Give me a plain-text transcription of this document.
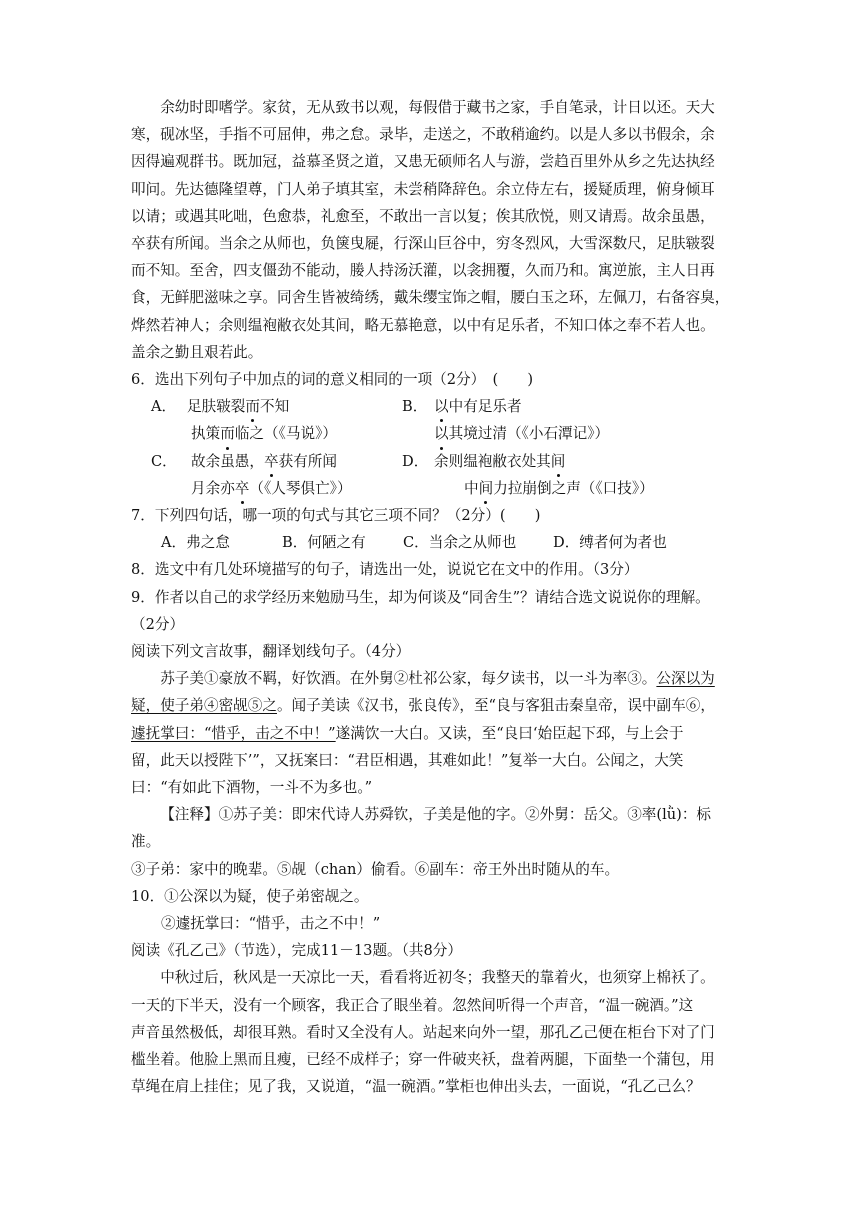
余幼时即嗜学。家贫，无从致书以观，每假借于藏书之家，手自笔录，计日以还。天大

寒，砚冰坚，手指不可屈伸，弗之怠。录毕，走送之，不敢稍逾约。以是人多以书假余，余

因得遍观群书。既加冠，益慕圣贤之道，又患无硕师名人与游，尝趋百里外从乡之先达执经

叩问。先达德隆望尊，门人弟子填其室，未尝稍降辞色。余立侍左右，援疑质理，俯身倾耳

以请；或遇其叱咄，色愈恭，礼愈至，不敢出一言以复；俟其欣悦，则又请焉。故余虽愚，

卒获有所闻。当余之从师也，负箧曳屣，行深山巨谷中，穷冬烈风，大雪深数尺，足肤皲裂

而不知。至舍，四支僵劲不能动，媵人持汤沃灌，以衾拥覆，久而乃和。寓逆旅，主人日再

食，无鲜肥滋味之享。同舍生皆被绮绣，戴朱缨宝饰之帽，腰白玉之环，左佩刀，右备容臭，

烨然若神人；余则缊袍敝衣处其间，略无慕艳意，以中有足乐者，不知口体之奉不若人也。

盖余之勤且艰若此。

6．选出下列句子中加点的词的意义相同的一项（2分）　(　　)

A． 足肤皲裂而不知	B． 以中有足乐者
执策而临之（《马说》）	以其境过清（《小石潭记》）
C． 故余虽愚，卒获有所闻	D． 余则缊袍敝衣处其间
月余亦卒（《人琴俱亡》）	中间力拉崩倒之声（《口技》）

7．下列四句话，哪一项的句式与其它三项不同？（2分）(　　)

A．弗之怠	B．何陋之有	C．当余之从师也	D．缚者何为者也

8．选文中有几处环境描写的句子，请选出一处，说说它在文中的作用。（3分）

9．作者以自己的求学经历来勉励马生，却为何谈及“同舍生”？请结合选文说说你的理解。

（2分）

阅读下列文言故事，翻译划线句子。（4分）

苏子美①豪放不羁，好饮酒。在外舅②杜祁公家，每夕读书，以一斗为率③。公深以为

疑，使子弟④密觇⑤之。闻子美读《汉书，张良传》，至“良与客狙击秦皇帝，误中副车⑥，

遽抚掌曰：“惜乎，击之不中！”遂满饮一大白。又读，至“良曰‘始臣起下邳，与上会于

留，此天以授陛下’”，又抚案曰：“君臣相遇，其难如此！”复举一大白。公闻之，大笑

曰：“有如此下酒物，一斗不为多也。”

【注释】①苏子美：即宋代诗人苏舜钦，子美是他的字。②外舅：岳父。③率(lǜ)：标

准。

③子弟：家中的晚辈。⑤觇（chan）偷看。⑥副车：帝王外出时随从的车。

10．①公深以为疑，使子弟密觇之。

②遽抚掌曰：“惜乎，击之不中！”

阅读《孔乙己》（节选），完成11－13题。（共8分）

中秋过后，秋风是一天凉比一天，看看将近初冬；我整天的靠着火，也须穿上棉袄了。

一天的下半天，没有一个顾客，我正合了眼坐着。忽然间听得一个声音，“温一碗酒。”这

声音虽然极低，却很耳熟。看时又全没有人。站起来向外一望，那孔乙己便在柜台下对了门

槛坐着。他脸上黑而且瘦，已经不成样子；穿一件破夹袄，盘着两腿，下面垫一个蒲包，用

草绳在肩上挂住；见了我，又说道，“温一碗酒。”掌柜也伸出头去，一面说，“孔乙己么？
